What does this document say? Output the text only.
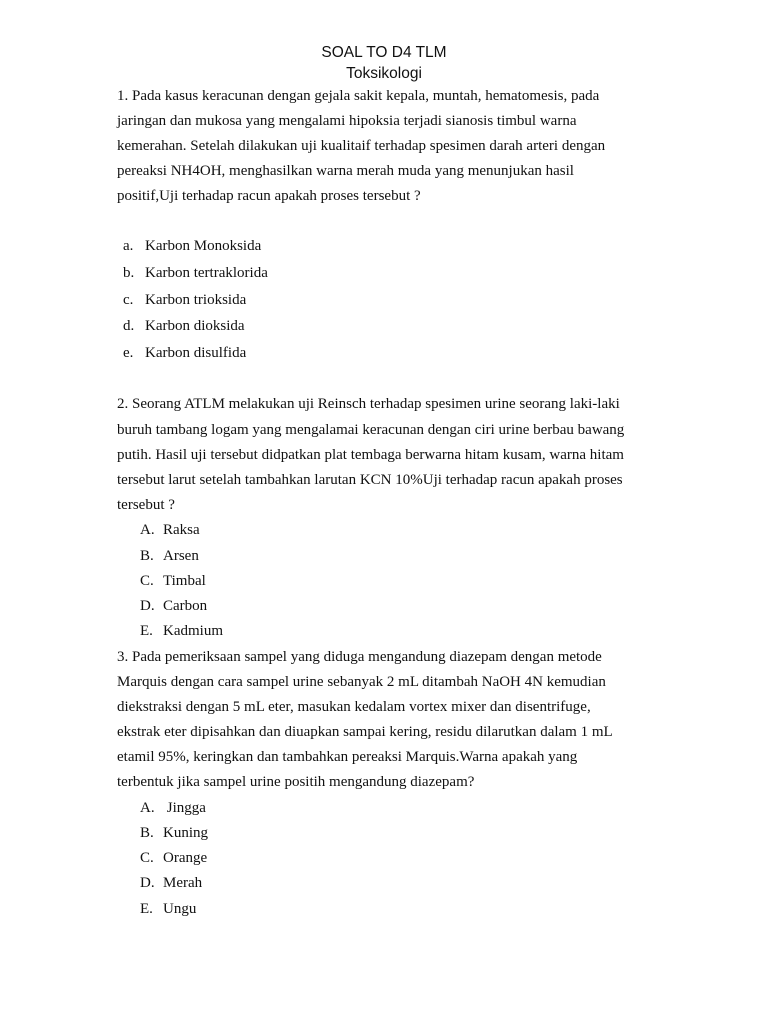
SOAL TO D4 TLM
Toksikologi
1. Pada kasus keracunan dengan gejala sakit kepala, muntah, hematomesis, pada
jaringan dan mukosa yang mengalami hipoksia terjadi sianosis timbul warna
kemerahan. Setelah dilakukan uji kualitaif terhadap spesimen darah arteri dengan
pereaksi NH4OH, menghasilkan warna merah muda yang menunjukan hasil
positif,Uji terhadap racun apakah proses tersebut ?
a. Karbon Monoksida
b. Karbon tertraklorida
c. Karbon trioksida
d. Karbon dioksida
e. Karbon disulfida
2. Seorang ATLM melakukan uji Reinsch terhadap spesimen urine seorang laki-laki
buruh tambang logam yang mengalamai keracunan dengan ciri urine berbau bawang
putih. Hasil uji tersebut didpatkan plat tembaga berwarna hitam kusam, warna hitam
tersebut larut setelah tambahkan larutan KCN 10%Uji terhadap racun apakah proses
tersebut ?
A. Raksa
B. Arsen
C. Timbal
D. Carbon
E. Kadmium
3. Pada pemeriksaan sampel yang diduga mengandung diazepam dengan metode
Marquis dengan cara sampel urine sebanyak 2 mL ditambah NaOH 4N kemudian
diekstraksi dengan 5 mL eter, masukan kedalam vortex mixer dan disentrifuge,
ekstrak eter dipisahkan dan diuapkan sampai kering, residu dilarutkan dalam 1 mL
etamil 95%, keringkan dan tambahkan pereaksi Marquis.Warna apakah yang
terbentuk jika sampel urine positih mengandung diazepam?
A. Jingga
B. Kuning
C. Orange
D. Merah
E. Ungu
